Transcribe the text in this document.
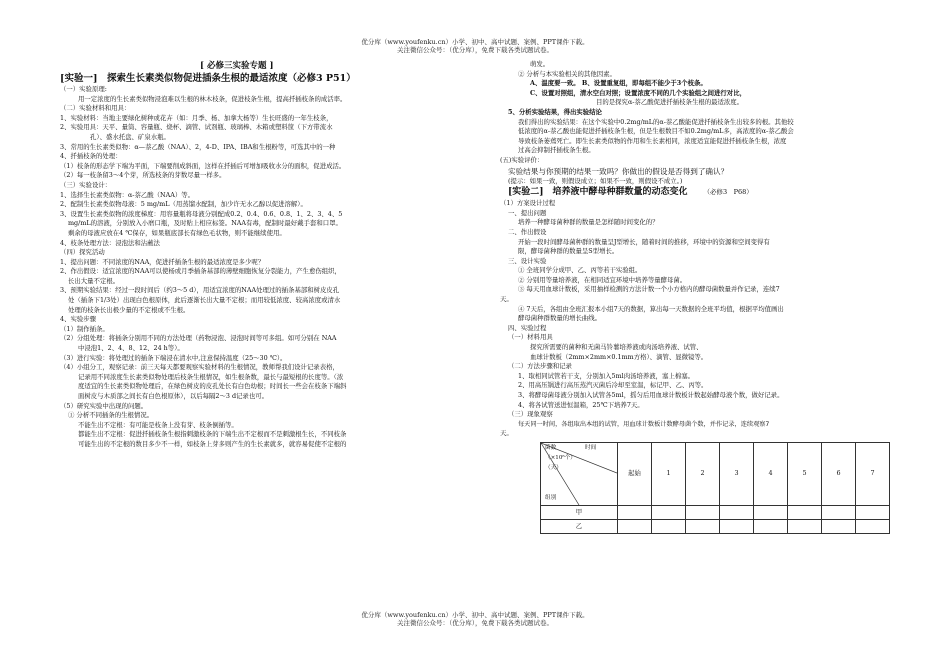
优分库（www.youfenku.cn）小学、初中、高中试题、案例、PPT课件下载。
关注微信公众号：（优分库），免费下载各类试题试卷。

[ 必修三实验专题 ]

[实验一]　探索生长素类似物促进插条生根的最适浓度（必修3 P51）

（一）实验原理:

用一定浓度的生长素类似物浸泡难以生根的林木枝条，促进枝条生根，提高扦插枝条的成活率。

（二）实验材料和用具：

1、实验材料：当地主要绿化树种或花卉（如：月季、杨、加拿大杨等）生长旺盛的一年生枝条，

2、实验用具：天平、量筒、容量瓶、烧杯、滴管、试剂瓶、玻璃棒、木箱或塑料筐（下方带流水

孔）、盛水托盘、矿泉水瓶。

3、常用的生长素类似物：α—萘乙酸（NAA）、2，4-D、IPA、IBA和生根粉等，可选其中的一种

4、扦插枝条的处理：

（1）枝条的形态学下端为平面，下端要削成斜面，这样在扦插后可增加吸收水分的面积，促进成活。

（2）每一枝条留3～4个芽，所选枝条的芽数尽量一样多。

（三）实验设计：

1、选择生长素类似物：α-萘乙酸（NAA）等。

2、配制生长素类似物母液：5 mg/mL（用蒸馏水配制，加少许无水乙醇以促进溶解）。

3、设置生长素类似物的浓度梯度：用容量瓶将母液分别配成0.2、0.4、0.6、0.8、1、2、3、4、5

mg/mL的溶液，分别放入小磨口瓶，及时贴上相应标签。NAA有毒，配制时最好戴手套和口罩。

剩余的母液应放在4 ℃保存，如果瓶底部长有绿色毛状物，则不能继续使用。

4、枝条处理方法：浸泡法和沾蘸法

（四）探究活动

1、提出问题：不同浓度的NAA，促进扦插条生根的最适浓度是多少呢？

2、作出假设：适宜浓度的NAA可以使杨或月季插条基部的薄壁细胞恢复分裂能力，产生愈伤组织，

长出大量不定根。

3、预期实验结果：经过一段时间后（约3～5 d），用适宜浓度的NAA处理过的插条基部和树皮皮孔

处（插条下1/3处）出现白色根原体，此后逐渐长出大量不定根；而用较低浓度、较高浓度或清水

处理的枝条长出极少量的不定根或不生根。

4、实验步骤

（1）制作插条。

（2）分组处理：将插条分别用不同的方法处理（药物浸泡、浸泡时间等可多组。如可分别在 NAA

中浸泡1、2、4、8、12、24 h等）。

（3）进行实验：将处理过的插条下端浸在清水中,注意保持温度（25～30 ℃）。

（4）小组分工，观察记录：前三天每天都要观察实验材料的生根情况，教师帮我们设计记录表格，

记录用不同浓度生长素类似物处理后枝条生根情况，如生根条数，最长与最短根的长度等。（浓

度适宜的生长素类似物处理后，在绿色树皮的皮孔处长有白色幼根；时间长一些会在枝条下端斜

面树皮与木质部之间长有白色根原体），以后每隔2～3 d记录也可。

（5）研究实验中出现的问题。

① 分析不同插条的生根情况。

不能生出不定根：有可能是枝条上没有芽、枝条倒插等。

都能生出不定根：促进扦插枝条生根指刺激枝条的下端生出不定根而不是刺激根生长，不同枝条

可能生出的不定根的数目多少不一样，如枝条上芽多则产生的生长素就多，就容易促使不定根的

萌发。

② 分析与本实验相关的其他因素。

A、温度要一致。 B、设置重复组，即每组不能少于3个枝条。

C、设置对照组，清水空白对照；设置浓度不同的几个实验组之间进行对比，

目的是探究α-萘乙酸促进扦插枝条生根的最适浓度。

5、分析实验结果，得出实验结论

我们得出的实验结果：在这个实验中0.2mg/mL的α-萘乙酸能促进扦插枝条生出较多的根。其他较

低浓度的α-萘乙酸也能促进扦插枝条生根，但是生根数目不如0.2mg/mL多，高浓度的α-萘乙酸会

导致枝条萎蔫死亡。即生长素类似物的作用和生长素相同，浓度适宜能促进扦插枝条生根，浓度

过高会抑制扦插枝条生根。

(五)实验评价：

实验结果与你预期的结果一致吗？你做出的假设是否得到了确认？

(提示：如果一致，则假设成立；如果不一致，则假设不成立。)

[实验二]　培养液中酵母种群数量的动态变化 （必修3　P68）

（1）方案设计过程

一、提出问题

培养一种酵母菌种群的数量是怎样随时间变化的？

二、作出假设

开始一段时间酵母菌种群的数量呈J型增长，随着时间的推移，环境中的资源和空间变得有

限，酵母菌种群的数量呈S型增长。

三、设计实验

① 全班同学分成甲、乙、丙等若干实验组。

② 分别用等量培养液，在相同适宜环境中培养等量酵母菌。

③ 每天用血球计数板，采用抽样检测的方法计数一个小方格内的酵母菌数量并作记录，连续7

天。

④ 7天后，各组由全班汇报本小组7天的数据，算出每一天数据的全班平均值，根据平均值画出

酵母菌种群数量的增长曲线。

四、实验过程

（一）材料用具

探究所需要的菌种和无菌马铃薯培养液或肉汤培养液、试管、

血球计数板（2mm×2mm×0.1mm方格）、滴管、显微镜等。

（二）方法步骤和记录

1、取相同试管若干支，分别加入5ml肉汤培养液，塞上棉塞。

2、用高压锅进行高压蒸汽灭菌后冷却至室温，标记甲、乙、丙等。

3、将酵母菌母液分别加入试管各5ml，摇匀后用血球计数板计数起始酵母液个数，做好记录。

4、将各试管送进恒温箱，25℃下培养7天。

（三）现象观察

每天同一时间，各组取出本组的试管，用血球计数板计数酵母菌个数，并作记录，连续观察7

天。

菌数 时间
（×10⁶个）
（天）
组别	起始	1	2	3	4	5	6	7
甲								
乙								
优分库（www.youfenku.cn）小学、初中、高中试题、案例、PPT课件下载。
关注微信公众号：（优分库），免费下载各类试题试卷。
